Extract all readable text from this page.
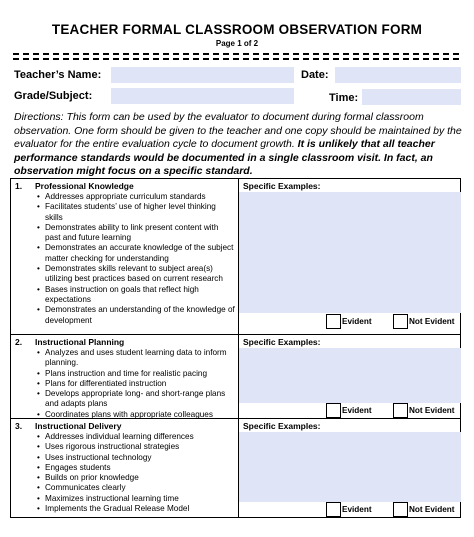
TEACHER FORMAL CLASSROOM OBSERVATION FORM
Page 1 of 2
Teacher’s Name:	Date:
Grade/Subject:	Time:
Directions: This form can be used by the evaluator to document during formal classroom observation. One form should be given to the teacher and one copy should be maintained by the evaluator for the entire evaluation cycle to document growth. It is unlikely that all teacher performance standards would be documented in a single classroom visit. In fact, an observation might focus on a specific standard.
1. Professional Knowledge
• Addresses appropriate curriculum standards
• Facilitates students’ use of higher level thinking skills
• Demonstrates ability to link present content with past and future learning
• Demonstrates an accurate knowledge of the subject matter checking for understanding
• Demonstrates skills relevant to subject area(s) utilizing best practices based on current research
• Bases instruction on goals that reflect high expectations
• Demonstrates an understanding of the knowledge of development
Specific Examples:
Evident	Not Evident
2. Instructional Planning
• Analyzes and uses student learning data to inform planning.
• Plans instruction and time for realistic pacing
• Plans for differentiated instruction
• Develops appropriate long- and short-range plans and adapts plans
• Coordinates plans with appropriate colleagues
Specific Examples:
Evident	Not Evident
3. Instructional Delivery
• Addresses individual learning differences
• Uses rigorous instructional strategies
• Uses instructional technology
• Engages students
• Builds on prior knowledge
• Communicates clearly
• Maximizes instructional learning time
• Implements the Gradual Release Model
Specific Examples:
Evident	Not Evident
